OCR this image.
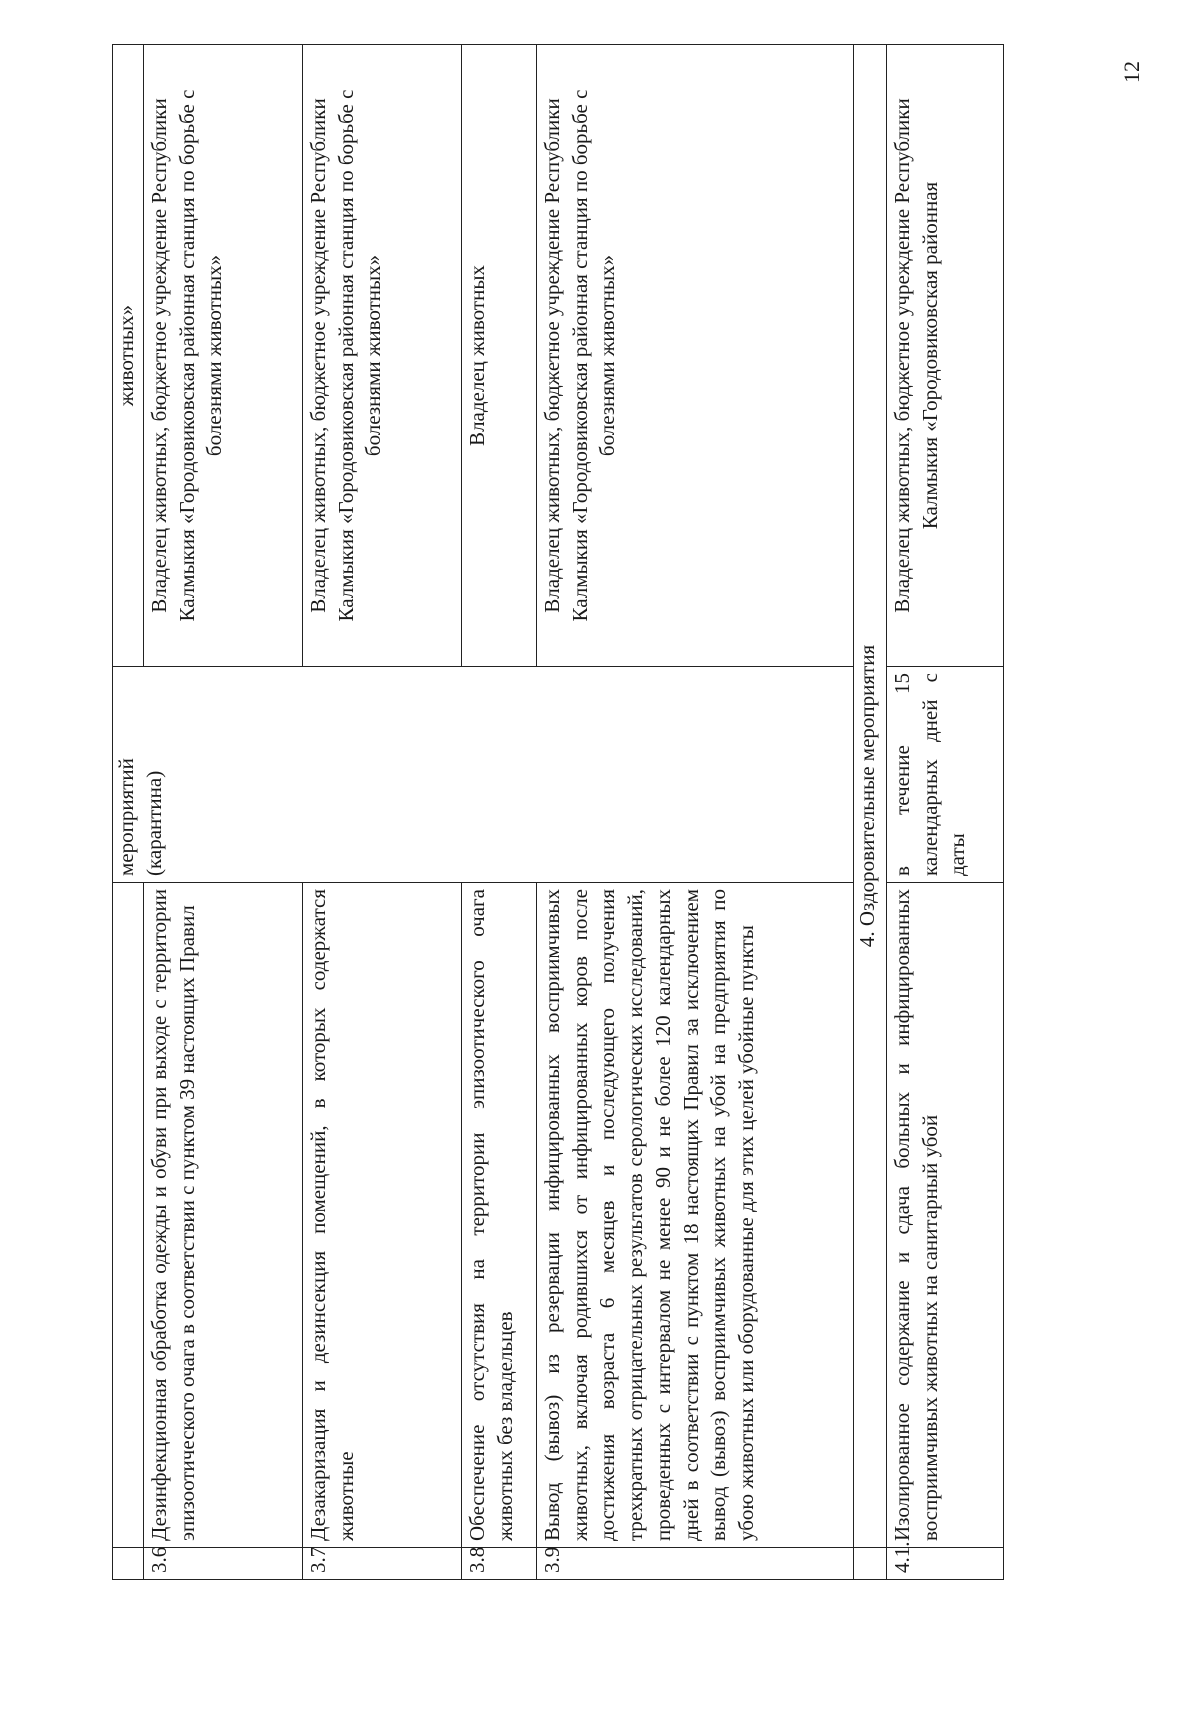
		мероприятий (карантина)	животных»
3.6	Дезинфекционная обработка одежды и обуви при выходе с территории эпизоотического очага в соответствии с пунктом 39 настоящих Правил		Владелец животных, бюджетное учреждение Республики Калмыкия «Городовиковская районная станция по борьбе с болезнями животных»
3.7	Дезакаризация и дезинсекция помещений, в которых содержатся животные		Владелец животных, бюджетное учреждение Республики Калмыкия «Городовиковская районная станция по борьбе с болезнями животных»
3.8	Обеспечение отсутствия на территории эпизоотического очага животных без владельцев		Владелец животных
3.9	Вывод (вывоз) из резервации инфицированных восприимчивых животных, включая родившихся от инфицированных коров после достижения возраста 6 месяцев и последующего получения трехкратных отрицательных результатов серологических исследований, проведенных с интервалом не менее 90 и не более 120 календарных дней в соответствии с пунктом 18 настоящих Правил за исключением вывод (вывоз) восприимчивых животных на убой на предприятия по убою животных или оборудованные для этих целей убойные пункты		Владелец животных, бюджетное учреждение Республики Калмыкия «Городовиковская районная станция по борьбе с болезнями животных»
	4. Оздоровительные мероприятия		
4.1.	Изолированное содержание и сдача больных и инфицированных восприимчивых животных на санитарный убой	в течение 15 календарных дней с даты	Владелец животных, бюджетное учреждение Республики Калмыкия «Городовиковская районная
12
